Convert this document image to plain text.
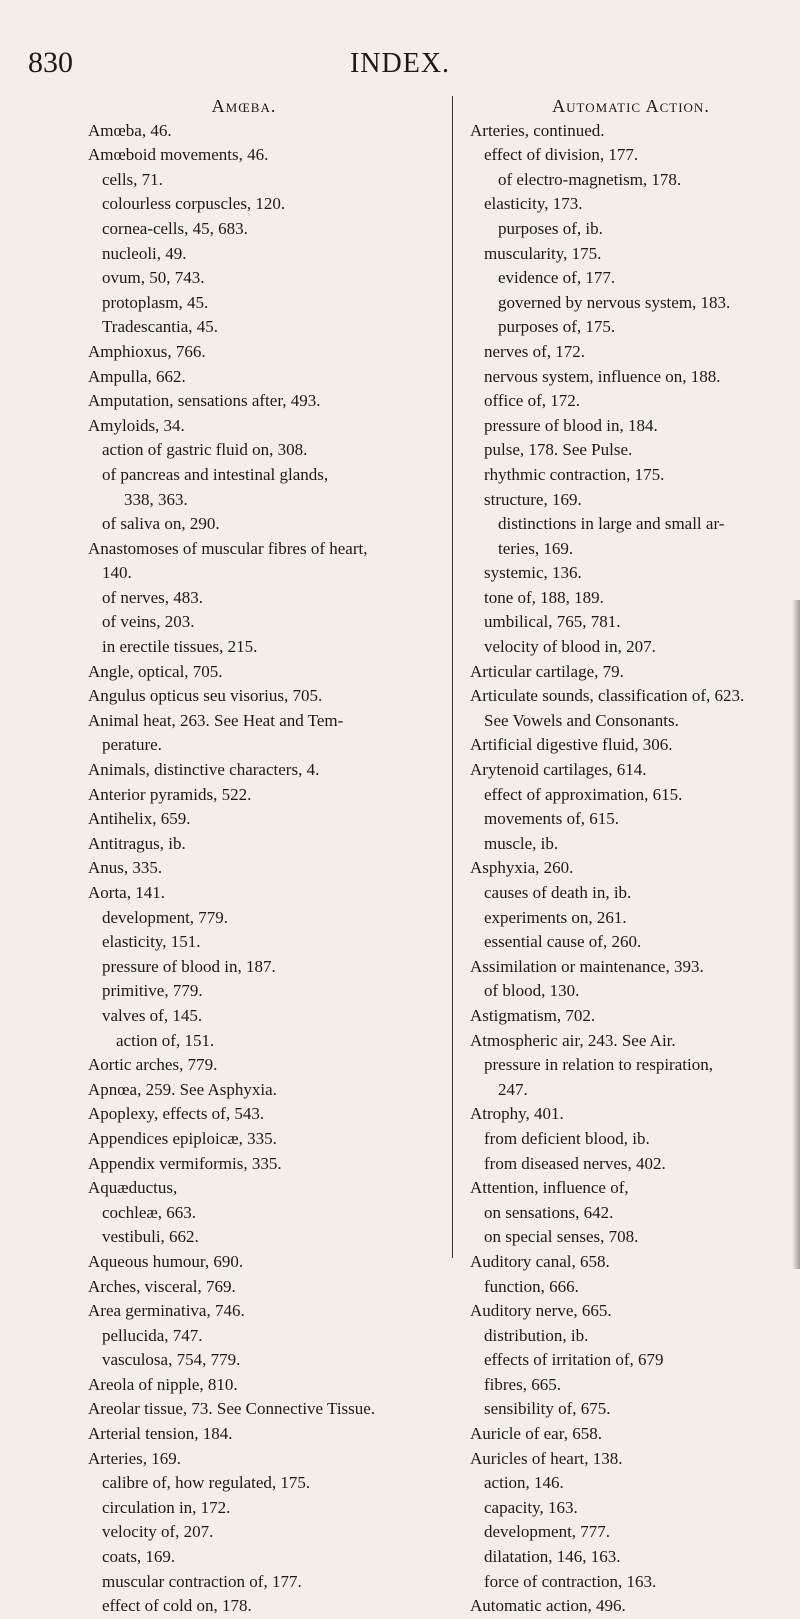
830	INDEX.
Amœba.
Amœba, 46.
Amœboid movements, 46.
cells, 71.
colourless corpuscles, 120.
cornea-cells, 45, 683.
nucleoli, 49.
ovum, 50, 743.
protoplasm, 45.
Tradescantia, 45.
Amphioxus, 766.
Ampulla, 662.
Amputation, sensations after, 493.
Amyloids, 34.
action of gastric fluid on, 308.
of pancreas and intestinal glands,
338, 363.
of saliva on, 290.
Anastomoses of muscular fibres of heart,
140.
of nerves, 483.
of veins, 203.
in erectile tissues, 215.
Angle, optical, 705.
Angulus opticus seu visorius, 705.
Animal heat, 263. See Heat and Tem-
perature.
Animals, distinctive characters, 4.
Anterior pyramids, 522.
Antihelix, 659.
Antitragus, ib.
Anus, 335.
Aorta, 141.
development, 779.
elasticity, 151.
pressure of blood in, 187.
primitive, 779.
valves of, 145.
action of, 151.
Aortic arches, 779.
Apnœa, 259. See Asphyxia.
Apoplexy, effects of, 543.
Appendices epiploicæ, 335.
Appendix vermiformis, 335.
Aquæductus,
cochleæ, 663.
vestibuli, 662.
Aqueous humour, 690.
Arches, visceral, 769.
Area germinativa, 746.
pellucida, 747.
vasculosa, 754, 779.
Areola of nipple, 810.
Areolar tissue, 73. See Connective Tissue.
Arterial tension, 184.
Arteries, 169.
calibre of, how regulated, 175.
circulation in, 172.
velocity of, 207.
coats, 169.
muscular contraction of, 177.
effect of cold on, 178.
Automatic Action.
Arteries, continued.
effect of division, 177.
of electro-magnetism, 178.
elasticity, 173.
purposes of, ib.
muscularity, 175.
evidence of, 177.
governed by nervous system, 183.
purposes of, 175.
nerves of, 172.
nervous system, influence on, 188.
office of, 172.
pressure of blood in, 184.
pulse, 178. See Pulse.
rhythmic contraction, 175.
structure, 169.
distinctions in large and small ar-
teries, 169.
systemic, 136.
tone of, 188, 189.
umbilical, 765, 781.
velocity of blood in, 207.
Articular cartilage, 79.
Articulate sounds, classification of, 623.
See Vowels and Consonants.
Artificial digestive fluid, 306.
Arytenoid cartilages, 614.
effect of approximation, 615.
movements of, 615.
muscle, ib.
Asphyxia, 260.
causes of death in, ib.
experiments on, 261.
essential cause of, 260.
Assimilation or maintenance, 393.
of blood, 130.
Astigmatism, 702.
Atmospheric air, 243. See Air.
pressure in relation to respiration,
247.
Atrophy, 401.
from deficient blood, ib.
from diseased nerves, 402.
Attention, influence of,
on sensations, 642.
on special senses, 708.
Auditory canal, 658.
function, 666.
Auditory nerve, 665.
distribution, ib.
effects of irritation of, 679
fibres, 665.
sensibility of, 675.
Auricle of ear, 658.
Auricles of heart, 138.
action, 146.
capacity, 163.
development, 777.
dilatation, 146, 163.
force of contraction, 163.
Automatic action, 496.
